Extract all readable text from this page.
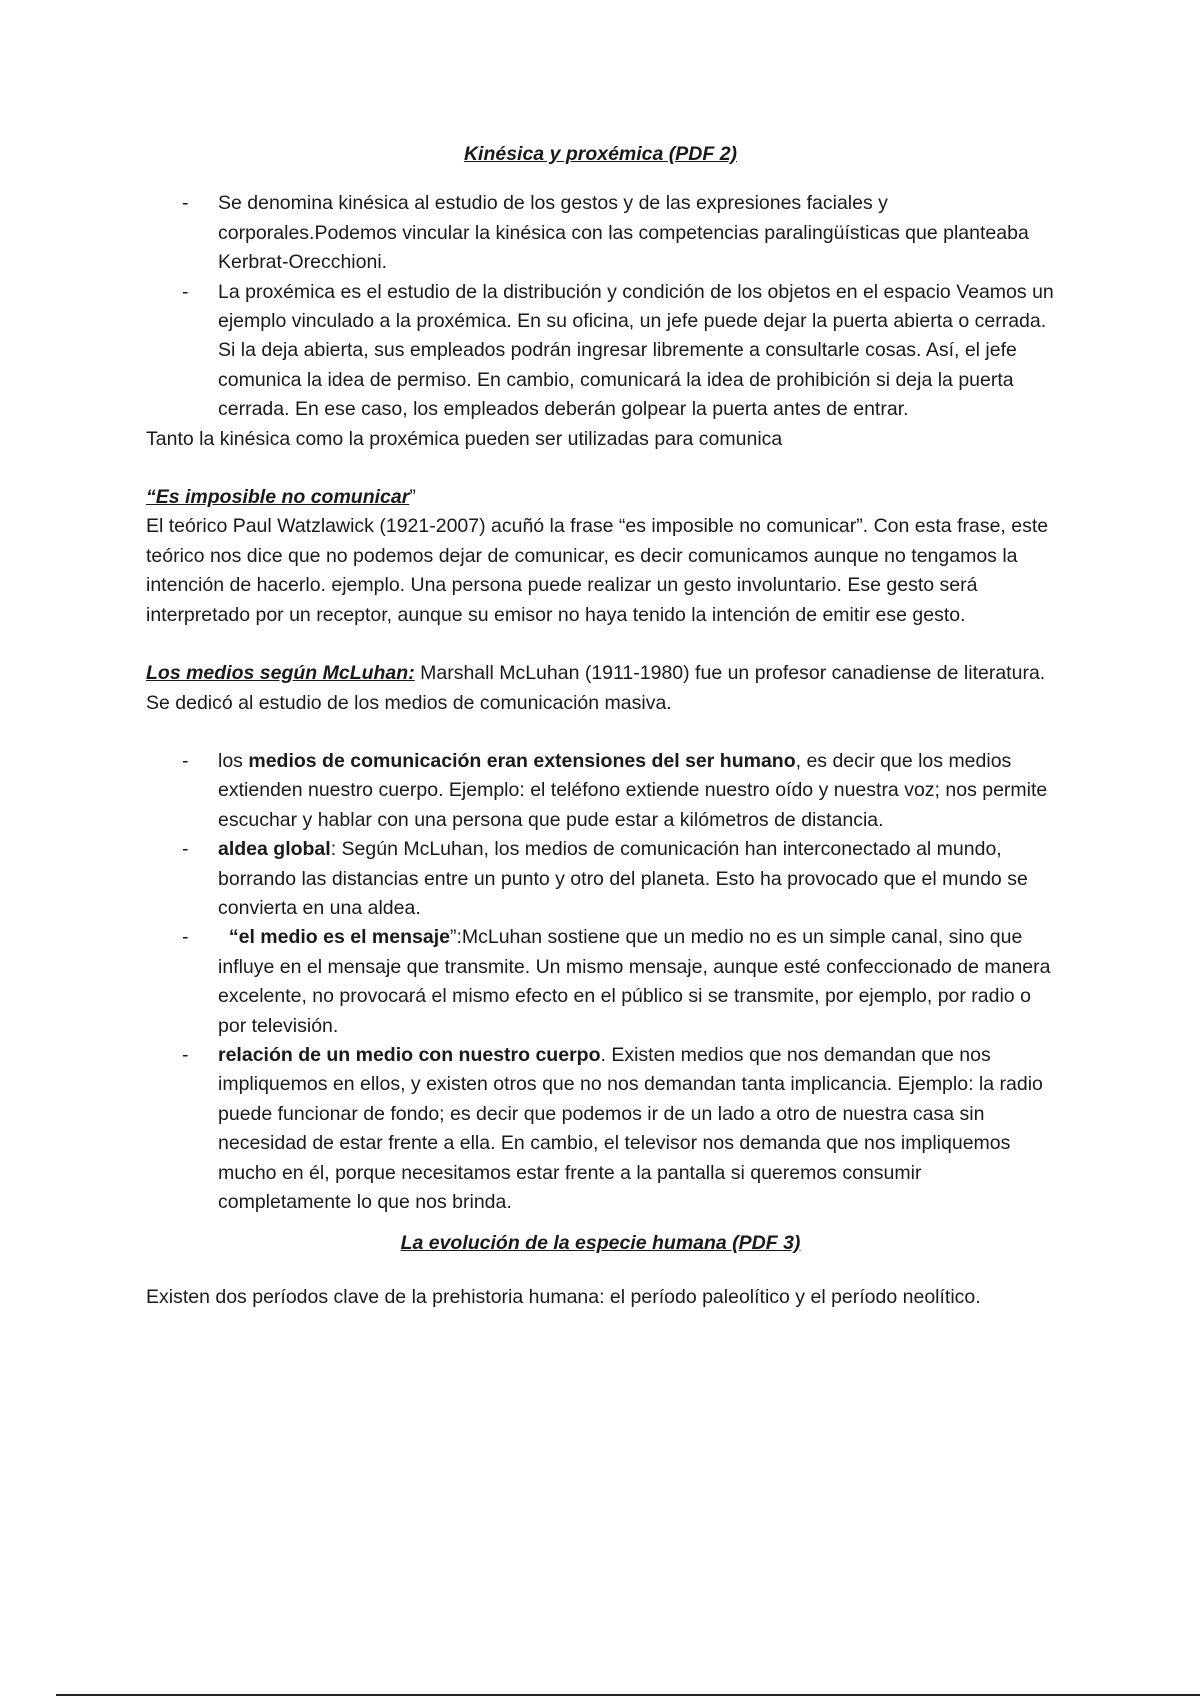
Kinésica y proxémica (PDF 2)
- Se denomina kinésica al estudio de los gestos y de las expresiones faciales y corporales.Podemos vincular la kinésica con las competencias paralingüísticas que planteaba Kerbrat-Orecchioni.
- La proxémica es el estudio de la distribución y condición de los objetos en el espacio Veamos un ejemplo vinculado a la proxémica. En su oficina, un jefe puede dejar la puerta abierta o cerrada. Si la deja abierta, sus empleados podrán ingresar libremente a consultarle cosas. Así, el jefe comunica la idea de permiso. En cambio, comunicará la idea de prohibición si deja la puerta cerrada. En ese caso, los empleados deberán golpear la puerta antes de entrar.

Tanto la kinésica como la proxémica pueden ser utilizadas para comunica

“Es imposible no comunicar”

El teórico Paul Watzlawick (1921-2007) acuñó la frase “es imposible no comunicar”. Con esta frase, este teórico nos dice que no podemos dejar de comunicar, es decir comunicamos aunque no tengamos la intención de hacerlo. ejemplo. Una persona puede realizar un gesto involuntario. Ese gesto será interpretado por un receptor, aunque su emisor no haya tenido la intención de emitir ese gesto.

Los medios según McLuhan: Marshall McLuhan (1911-1980) fue un profesor canadiense de literatura. Se dedicó al estudio de los medios de comunicación masiva.

- los medios de comunicación eran extensiones del ser humano, es decir que los medios extienden nuestro cuerpo. Ejemplo: el teléfono extiende nuestro oído y nuestra voz; nos permite escuchar y hablar con una persona que pude estar a kilómetros de distancia.
- aldea global: Según McLuhan, los medios de comunicación han interconectado al mundo, borrando las distancias entre un punto y otro del planeta. Esto ha provocado que el mundo se convierta en una aldea.
- “el medio es el mensaje”:McLuhan sostiene que un medio no es un simple canal, sino que influye en el mensaje que transmite. Un mismo mensaje, aunque esté confeccionado de manera excelente, no provocará el mismo efecto en el público si se transmite, por ejemplo, por radio o por televisión.
- relación de un medio con nuestro cuerpo. Existen medios que nos demandan que nos impliquemos en ellos, y existen otros que no nos demandan tanta implicancia. Ejemplo: la radio puede funcionar de fondo; es decir que podemos ir de un lado a otro de nuestra casa sin necesidad de estar frente a ella. En cambio, el televisor nos demanda que nos impliquemos mucho en él, porque necesitamos estar frente a la pantalla si queremos consumir completamente lo que nos brinda.
La evolución de la especie humana (PDF 3)

Existen dos períodos clave de la prehistoria humana: el período paleolítico y el período neolítico.
